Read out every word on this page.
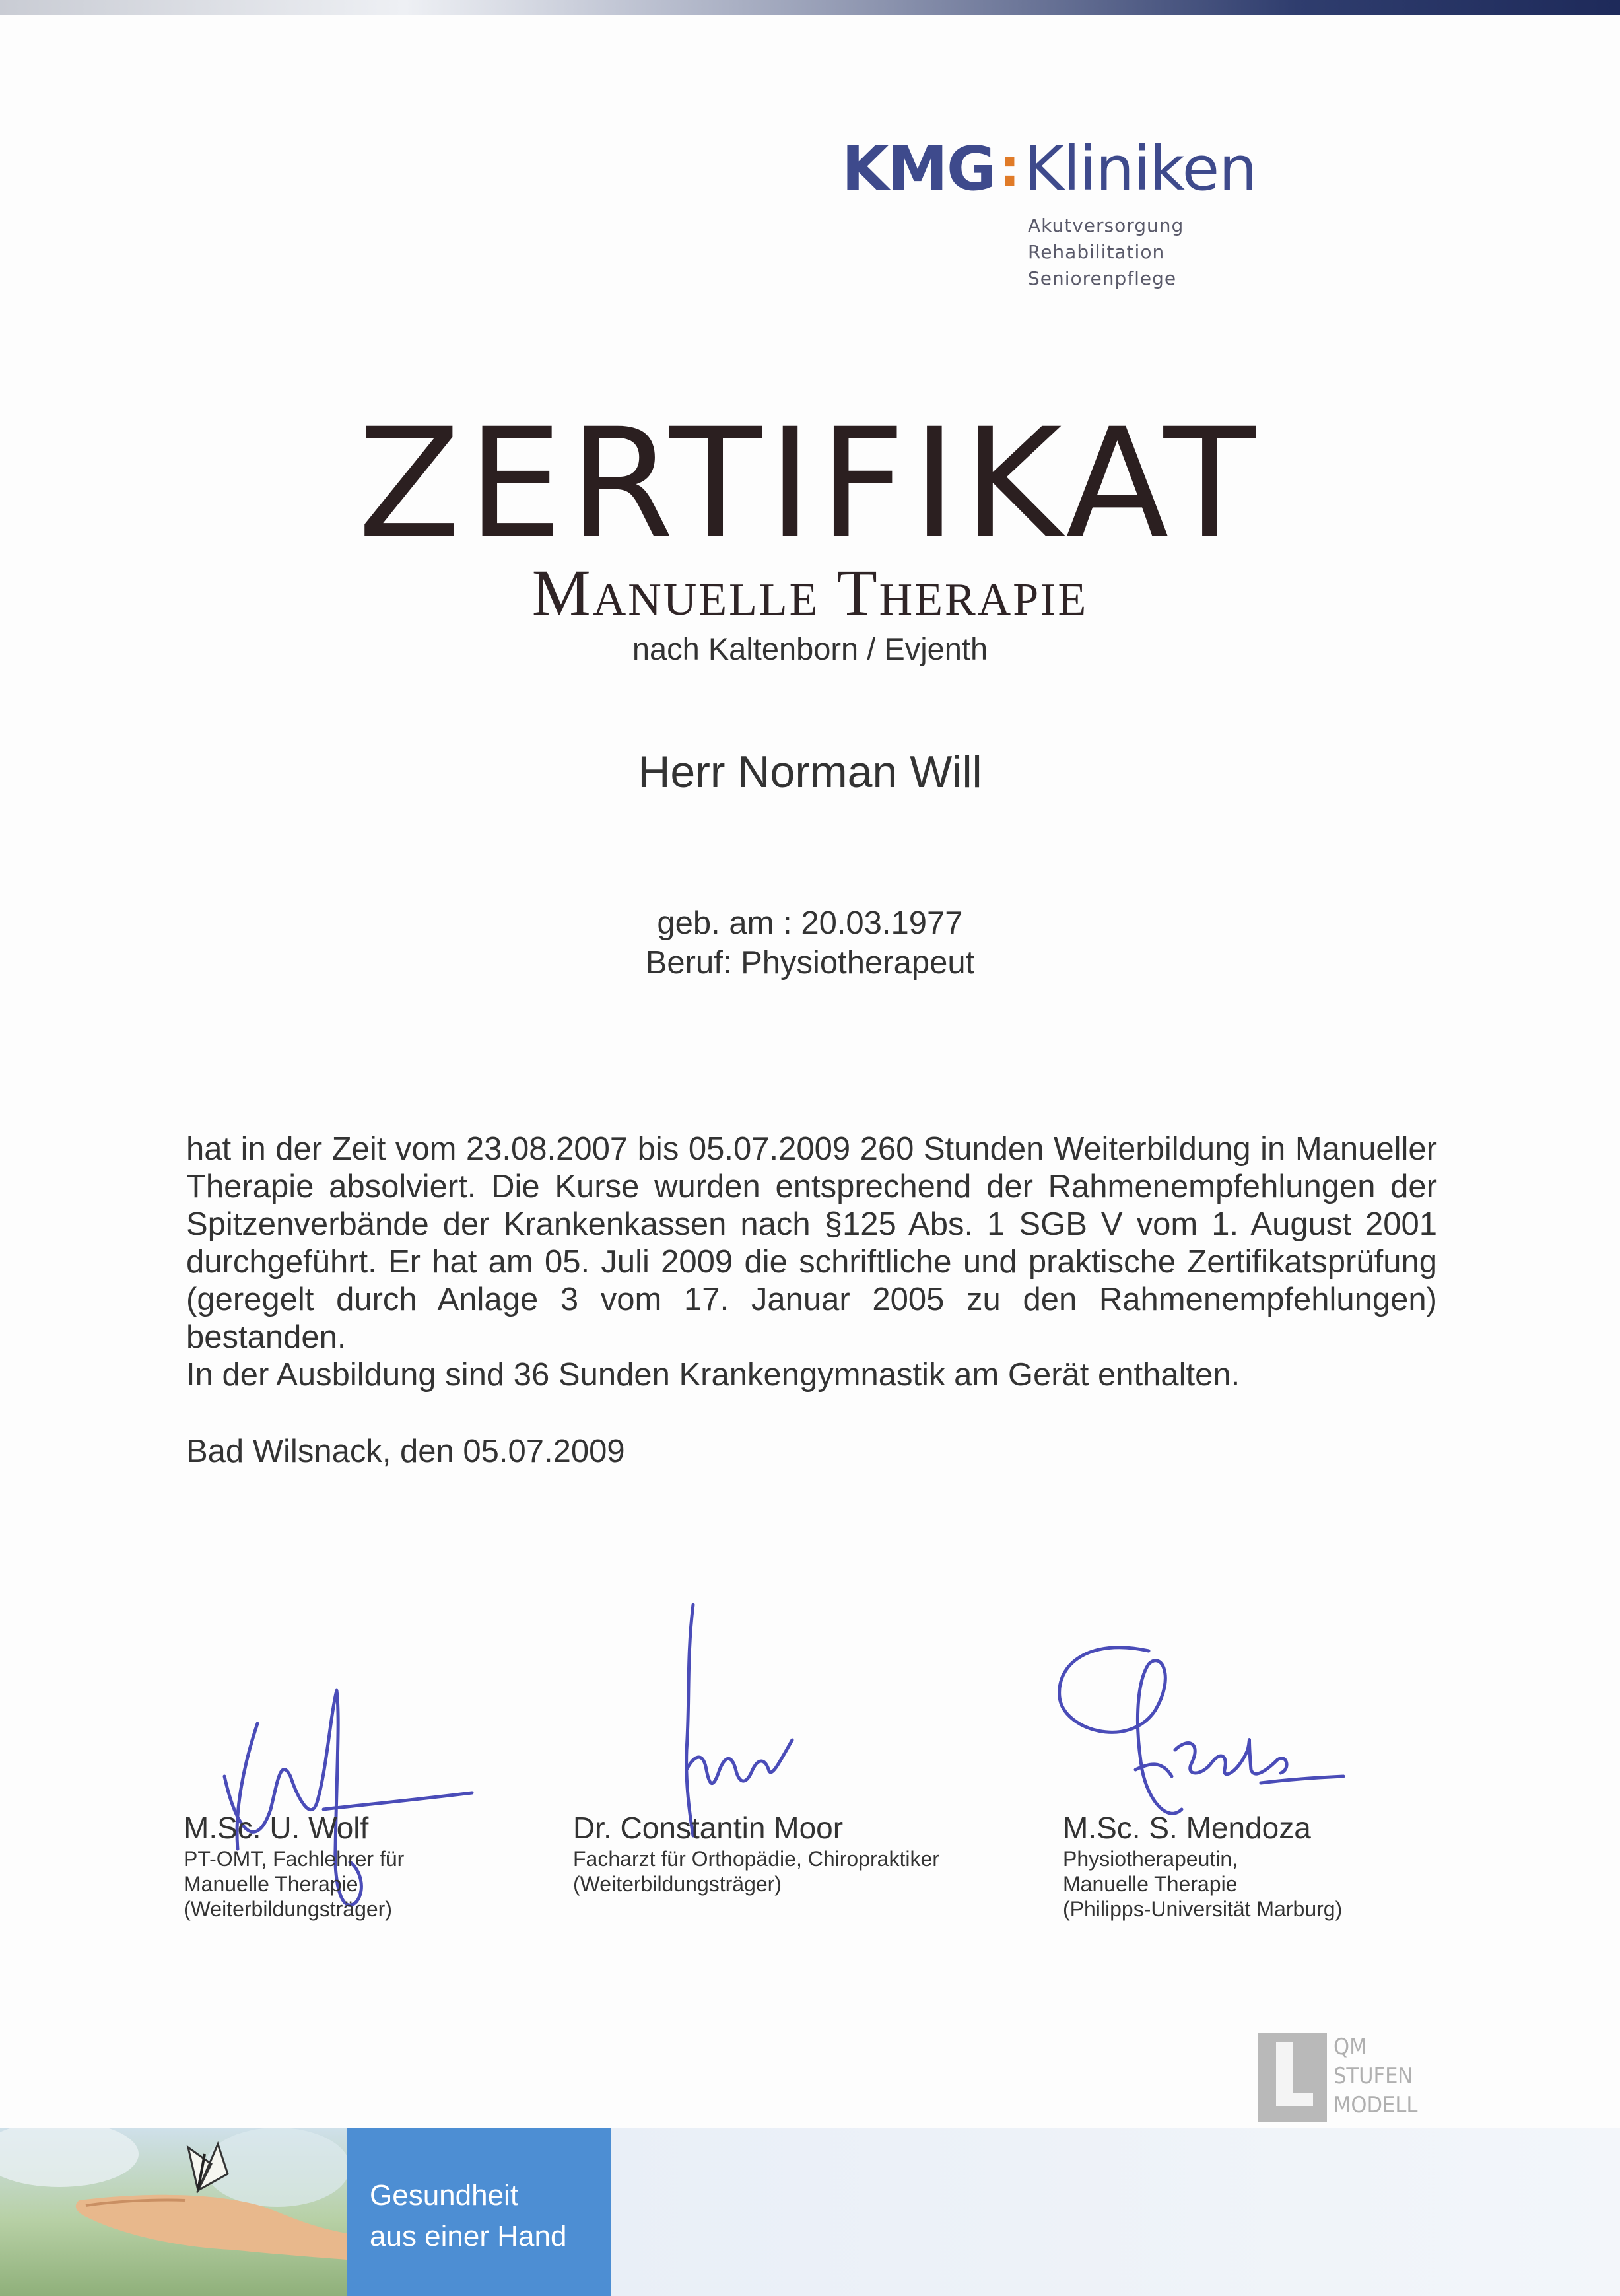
KMG:Kliniken
Akutversorgung
Rehabilitation
Seniorenpflege
ZERTIFIKAT
Manuelle Therapie
nach Kaltenborn / Evjenth
Herr Norman Will
geb. am : 20.03.1977
Beruf: Physiotherapeut

hat in der Zeit vom 23.08.2007 bis 05.07.2009 260 Stunden Weiterbildung in Manueller Therapie absolviert. Die Kurse wurden entsprechend der Rahmenempfehlungen der Spitzenverbände der Krankenkassen nach §125 Abs. 1 SGB V vom 1. August 2001 durchgeführt. Er hat am 05. Juli 2009 die schriftliche und praktische Zertifikatsprüfung (geregelt durch Anlage 3 vom 17. Januar 2005 zu den Rahmenempfehlungen) bestanden.

In der Ausbildung sind 36 Sunden Krankengymnastik am Gerät enthalten.

Bad Wilsnack, den 05.07.2009
M.Sc. U. Wolf
PT-OMT, Fachlehrer für
Manuelle Therapie
(Weiterbildungsträger)
Dr. Constantin Moor
Facharzt für Orthopädie, Chiropraktiker
(Weiterbildungsträger)
M.Sc. S. Mendoza
Physiotherapeutin,
Manuelle Therapie
(Philipps-Universität Marburg)
QM
STUFEN
MODELL
Gesundheit
aus einer Hand
